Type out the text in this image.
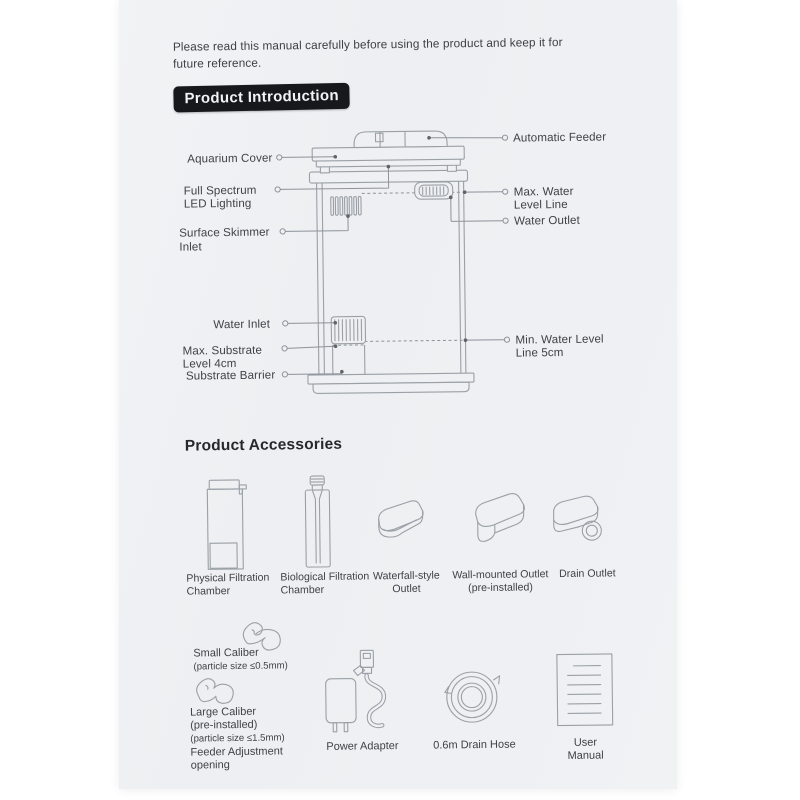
Please read this manual carefully before using the product and keep it for
future reference.
Product Introduction
Aquarium Cover
Full Spectrum
LED Lighting
Surface Skimmer
Inlet
Water Inlet
Max. Substrate
Level 4cm
Substrate Barrier
Automatic Feeder
Max. Water
Level Line
Water Outlet
Min. Water Level
Line 5cm
Product Accessories
Physical Filtration
Chamber
Biological Filtration
Chamber
Waterfall-style
Outlet
Wall-mounted Outlet
(pre-installed)
Drain Outlet
Small Caliber
(particle size ≤0.5mm)
Large Caliber
(pre-installed)
(particle size ≤1.5mm)
Feeder Adjustment
opening
Power Adapter	0.6m Drain Hose	User Manual
